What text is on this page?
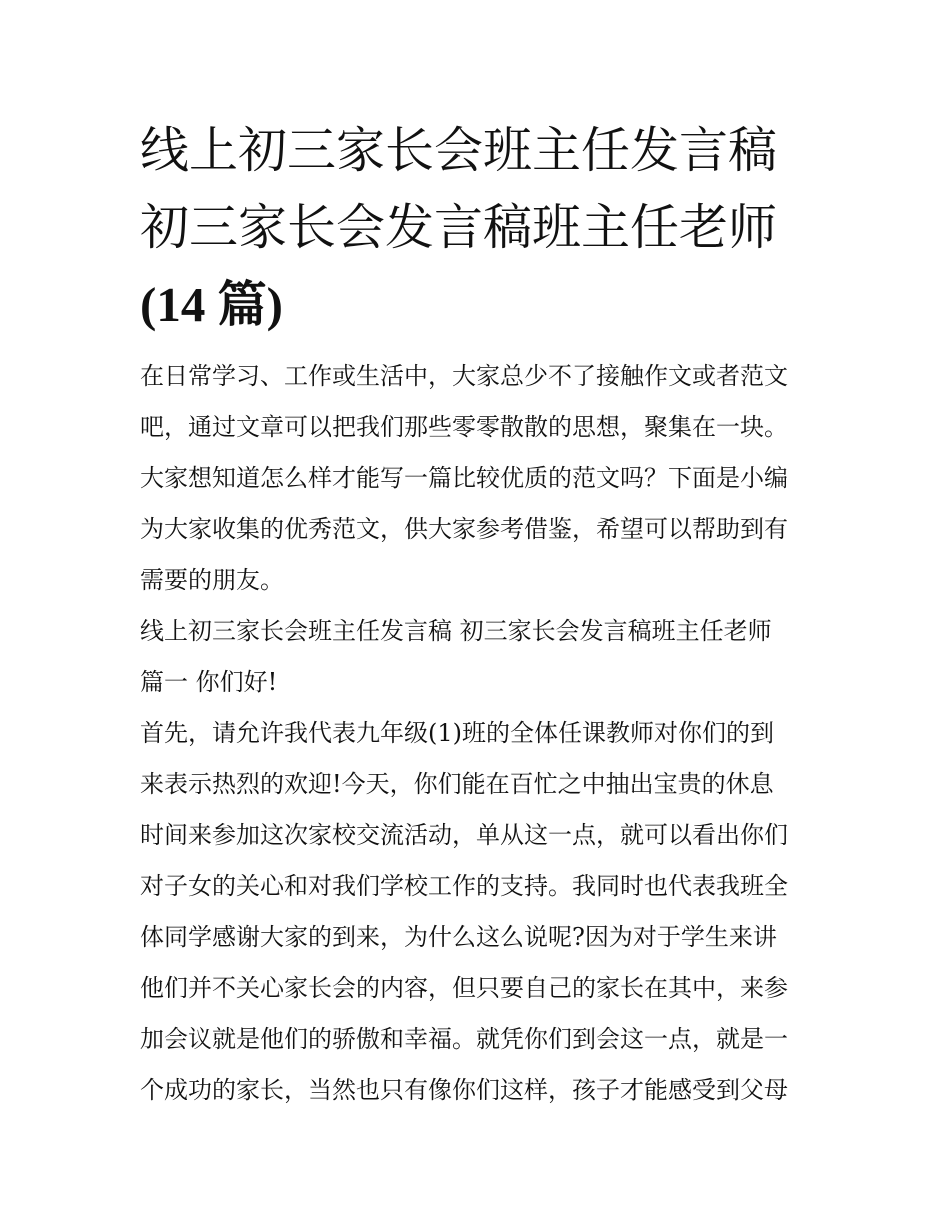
线上初三家长会班主任发言稿
初三家长会发言稿班主任老师
(14 篇)

在日常学习、工作或生活中，大家总少不了接触作文或者范文
吧，通过文章可以把我们那些零零散散的思想，聚集在一块。
大家想知道怎么样才能写一篇比较优质的范文吗？下面是小编
为大家收集的优秀范文，供大家参考借鉴，希望可以帮助到有
需要的朋友。

线上初三家长会班主任发言稿 初三家长会发言稿班主任老师
篇一 你们好!

首先，请允许我代表九年级(1)班的全体任课教师对你们的到
来表示热烈的欢迎!今天，你们能在百忙之中抽出宝贵的休息
时间来参加这次家校交流活动，单从这一点，就可以看出你们
对子女的关心和对我们学校工作的支持。我同时也代表我班全
体同学感谢大家的到来，为什么这么说呢?因为对于学生来讲
他们并不关心家长会的内容，但只要自己的家长在其中，来参
加会议就是他们的骄傲和幸福。就凭你们到会这一点，就是一
个成功的家长，当然也只有像你们这样，孩子才能感受到父母
